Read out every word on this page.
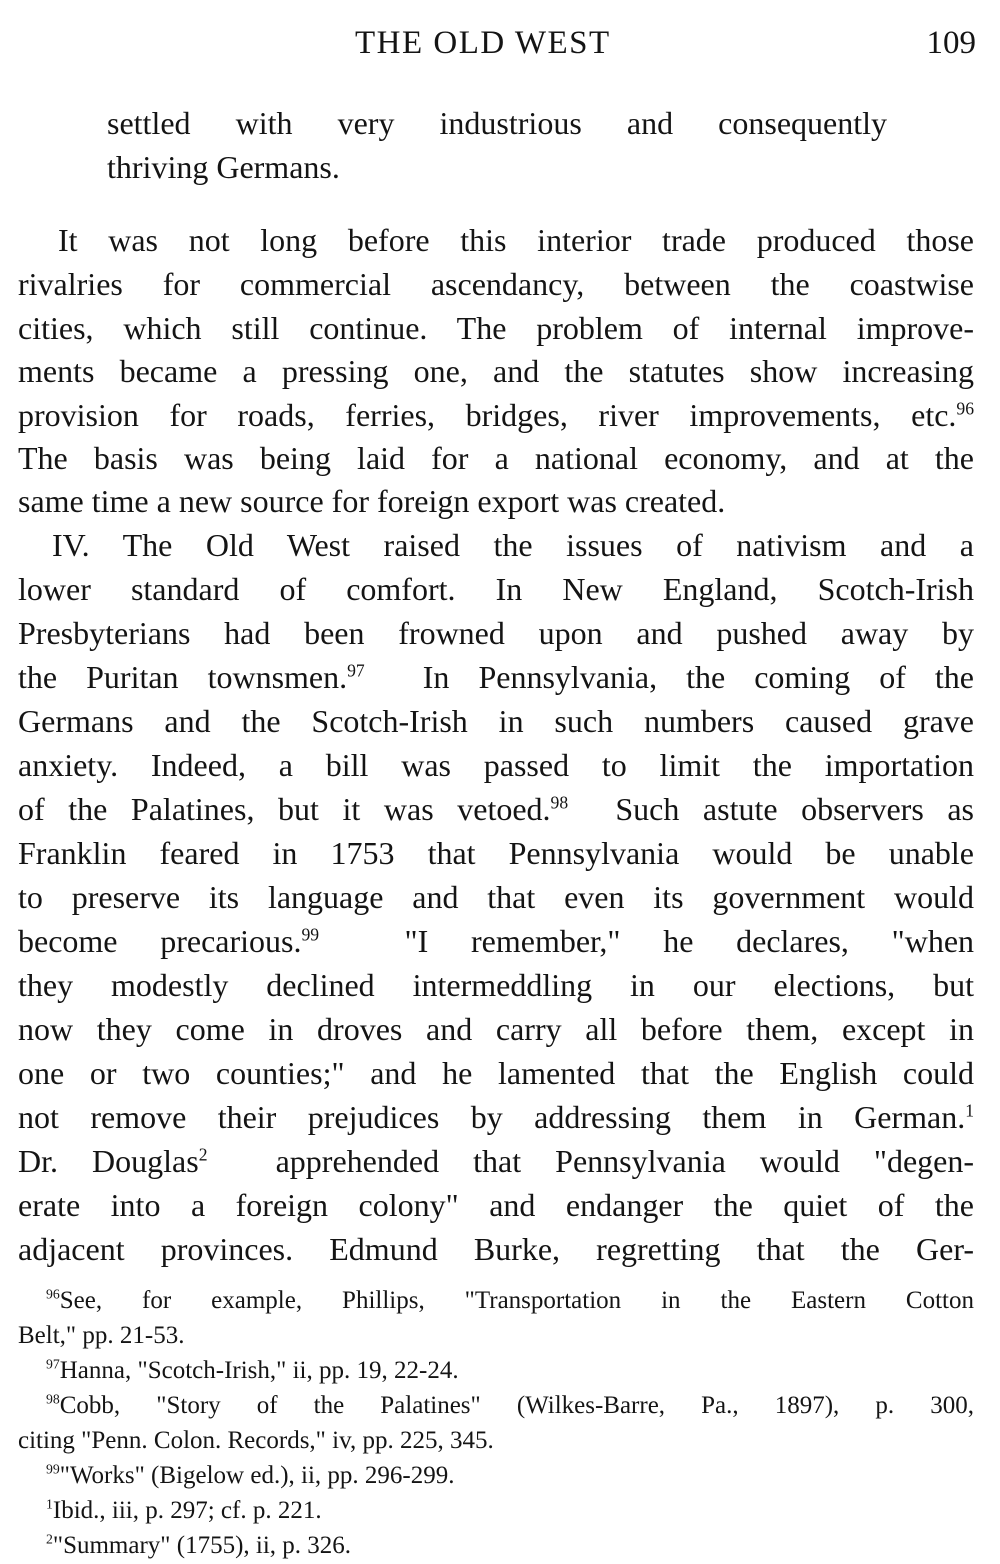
THE OLD WEST	109
settled with very industrious and consequently
thriving Germans.
It was not long before this interior trade produced those
rivalries for commercial ascendancy, between the coastwise
cities, which still continue. The problem of internal improve-
ments became a pressing one, and the statutes show increasing
provision for roads, ferries, bridges, river improvements, etc.$^{96}$
The basis was being laid for a national economy, and at the
same time a new source for foreign export was created.
IV. The Old West raised the issues of nativism and a
lower standard of comfort. In New England, Scotch-Irish
Presbyterians had been frowned upon and pushed away by
the Puritan townsmen.$^{97}$ In Pennsylvania, the coming of the
Germans and the Scotch-Irish in such numbers caused grave
anxiety. Indeed, a bill was passed to limit the importation
of the Palatines, but it was vetoed.$^{98}$ Such astute observers as
Franklin feared in 1753 that Pennsylvania would be unable
to preserve its language and that even its government would
become precarious.$^{99}$	"I remember," he declares, "when
they modestly declined intermeddling in our elections, but
now they come in droves and carry all before them, except in
one or two counties;" and he lamented that the English could
not remove their prejudices by addressing them in German.$^1$
Dr. Douglas$^2$ apprehended that Pennsylvania would "degen-
erate into a foreign colony" and endanger the quiet of the
adjacent provinces. Edmund Burke, regretting that the Ger-
$^{96}$See, for example, Phillips, "Transportation in the Eastern Cotton
Belt," pp. 21-53.
$^{97}$Hanna, "Scotch-Irish," ii, pp. 19, 22-24.
$^{98}$Cobb, "Story of the Palatines" (Wilkes-Barre, Pa., 1897), p. 300,
citing "Penn. Colon. Records," iv, pp. 225, 345.
$^{99}$"Works" (Bigelow ed.), ii, pp. 296-299.
$^1$Ibid., iii, p. 297; cf. p. 221.
$^2$"Summary" (1755), ii, p. 326.
